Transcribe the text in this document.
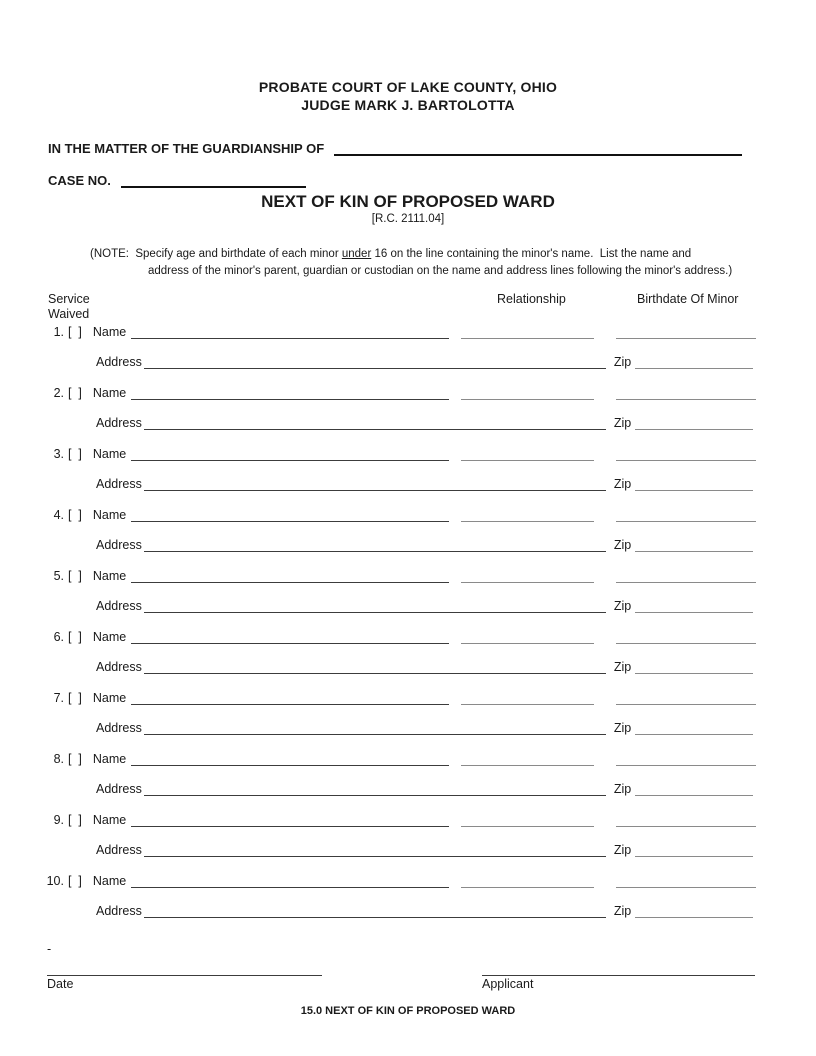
PROBATE COURT OF LAKE COUNTY, OHIO
JUDGE MARK J. BARTOLOTTA
IN THE MATTER OF THE GUARDIANSHIP OF
CASE NO.
NEXT OF KIN OF PROPOSED WARD
[R.C. 2111.04]
(NOTE:  Specify age and birthdate of each minor under 16 on the line containing the minor's name.  List the name and
address of the minor's parent, guardian or custodian on the name and address lines following the minor's address.)
Service
Waived
Relationship	Birthdate Of Minor
1. [  ] Name
Address	Zip
2. [  ] Name
Address	Zip
3. [  ] Name
Address	Zip
4. [  ] Name
Address	Zip
5. [  ] Name
Address	Zip
6. [  ] Name
Address	Zip
7. [  ] Name
Address	Zip
8. [  ] Name
Address	Zip
9. [  ] Name
Address	Zip
10. [  ] Name
Address	Zip
-
Date	Applicant
15.0 NEXT OF KIN OF PROPOSED WARD
